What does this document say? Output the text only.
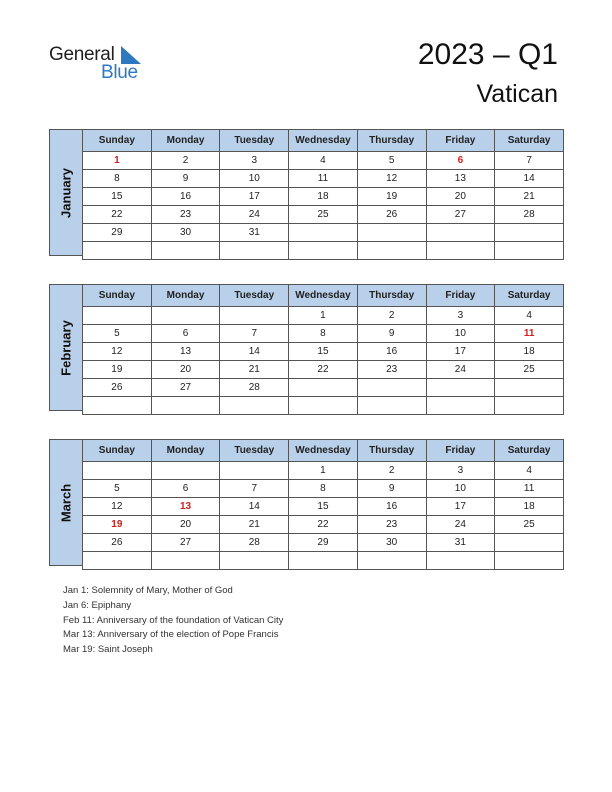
General
Blue
2023 – Q1
Vatican
January
Sunday	Monday	Tuesday	Wednesday	Thursday	Friday	Saturday
1	2	3	4	5	6	7
8	9	10	11	12	13	14
15	16	17	18	19	20	21
22	23	24	25	26	27	28
29	30	31				

February
Sunday	Monday	Tuesday	Wednesday	Thursday	Friday	Saturday
			1	2	3	4
5	6	7	8	9	10	11
12	13	14	15	16	17	18
19	20	21	22	23	24	25
26	27	28				

March
Sunday	Monday	Tuesday	Wednesday	Thursday	Friday	Saturday
			1	2	3	4
5	6	7	8	9	10	11
12	13	14	15	16	17	18
19	20	21	22	23	24	25
26	27	28	29	30	31	

Jan 1: Solemnity of Mary, Mother of God
Jan 6: Epiphany
Feb 11: Anniversary of the foundation of Vatican City
Mar 13: Anniversary of the election of Pope Francis
Mar 19: Saint Joseph
